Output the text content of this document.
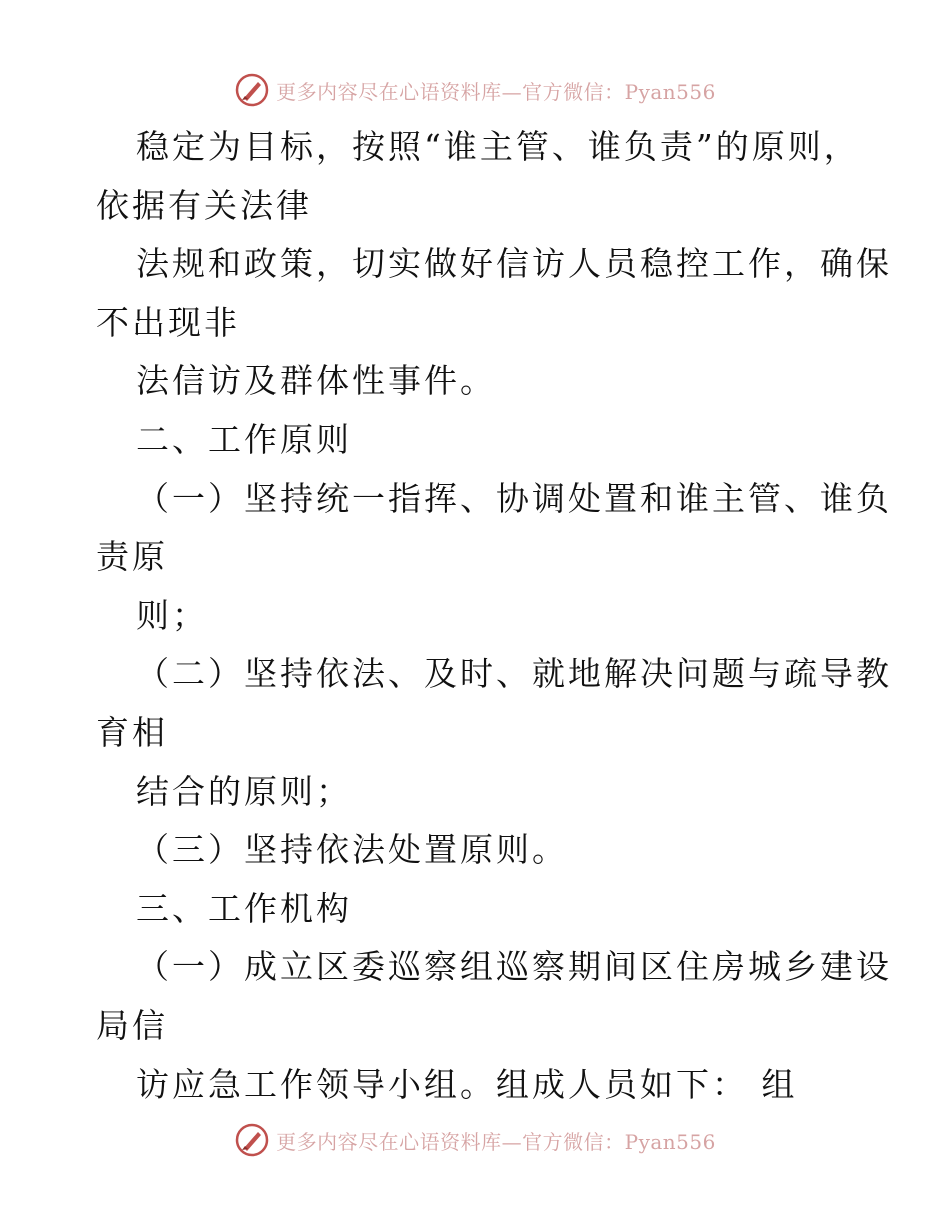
更多内容尽在心语资料库—官方微信：Pyan556
稳定为目标，按照“谁主管、谁负责”的原则，
依据有关法律
法规和政策，切实做好信访人员稳控工作，确保
不出现非
法信访及群体性事件。
二、工作原则
（一）坚持统一指挥、协调处置和谁主管、谁负
责原
则；
（二）坚持依法、及时、就地解决问题与疏导教
育相
结合的原则；
（三）坚持依法处置原则。
三、工作机构
（一）成立区委巡察组巡察期间区住房城乡建设
局信
访应急工作领导小组。组成人员如下： 组
更多内容尽在心语资料库—官方微信：Pyan556
